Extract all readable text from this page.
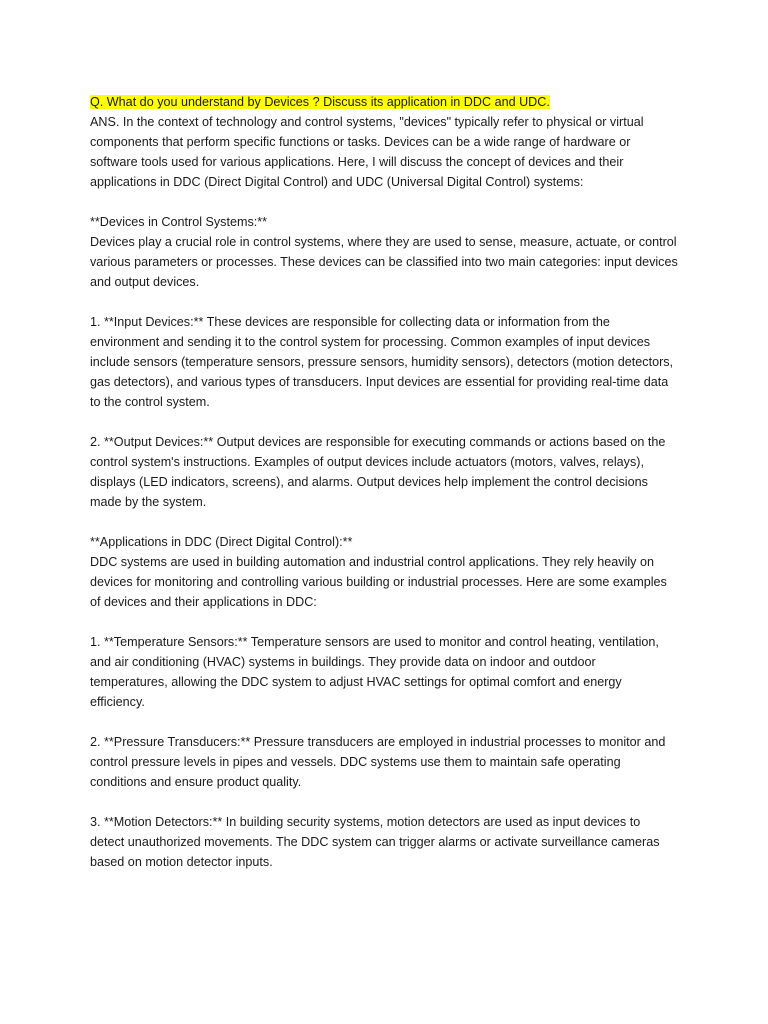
Q. What do you understand by Devices ? Discuss its application in DDC and UDC.
ANS. In the context of technology and control systems, "devices" typically refer to physical or virtual
components that perform specific functions or tasks. Devices can be a wide range of hardware or
software tools used for various applications. Here, I will discuss the concept of devices and their
applications in DDC (Direct Digital Control) and UDC (Universal Digital Control) systems:
**Devices in Control Systems:**
Devices play a crucial role in control systems, where they are used to sense, measure, actuate, or control
various parameters or processes. These devices can be classified into two main categories: input devices
and output devices.
1. **Input Devices:** These devices are responsible for collecting data or information from the
environment and sending it to the control system for processing. Common examples of input devices
include sensors (temperature sensors, pressure sensors, humidity sensors), detectors (motion detectors,
gas detectors), and various types of transducers. Input devices are essential for providing real-time data
to the control system.
2. **Output Devices:** Output devices are responsible for executing commands or actions based on the
control system's instructions. Examples of output devices include actuators (motors, valves, relays),
displays (LED indicators, screens), and alarms. Output devices help implement the control decisions
made by the system.
**Applications in DDC (Direct Digital Control):**
DDC systems are used in building automation and industrial control applications. They rely heavily on
devices for monitoring and controlling various building or industrial processes. Here are some examples
of devices and their applications in DDC:
1. **Temperature Sensors:** Temperature sensors are used to monitor and control heating, ventilation,
and air conditioning (HVAC) systems in buildings. They provide data on indoor and outdoor
temperatures, allowing the DDC system to adjust HVAC settings for optimal comfort and energy
efficiency.
2. **Pressure Transducers:** Pressure transducers are employed in industrial processes to monitor and
control pressure levels in pipes and vessels. DDC systems use them to maintain safe operating
conditions and ensure product quality.
3. **Motion Detectors:** In building security systems, motion detectors are used as input devices to
detect unauthorized movements. The DDC system can trigger alarms or activate surveillance cameras
based on motion detector inputs.
